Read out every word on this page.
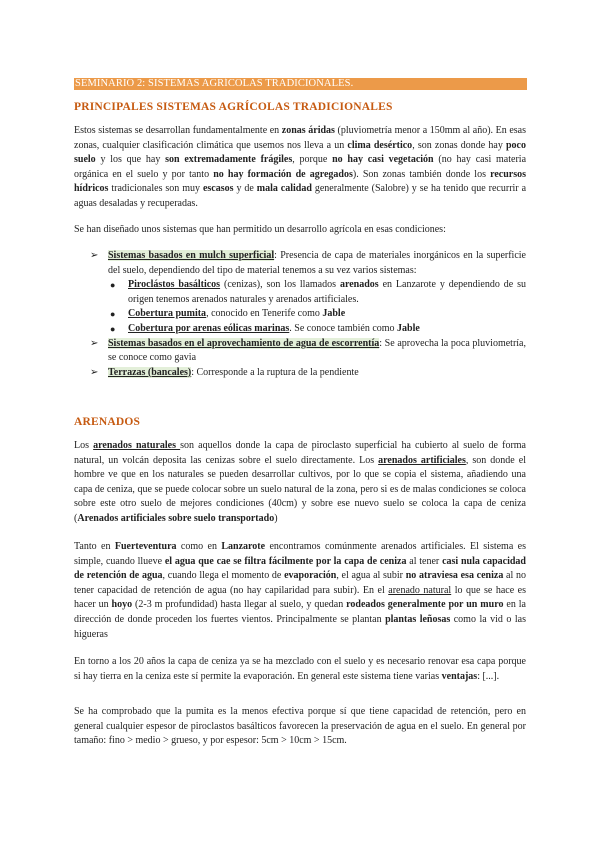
SEMINARIO 2: SISTEMAS AGRÍCOLAS TRADICIONALES.
PRINCIPALES SISTEMAS AGRÍCOLAS TRADICIONALES
Estos sistemas se desarrollan fundamentalmente en zonas áridas (pluviometría menor a 150mm al año). En esas zonas, cualquier clasificación climática que usemos nos lleva a un clima desértico, son zonas donde hay poco suelo y los que hay son extremadamente frágiles, porque no hay casi vegetación (no hay casi materia orgánica en el suelo y por tanto no hay formación de agregados). Son zonas también donde los recursos hídricos tradicionales son muy escasos y de mala calidad generalmente (Salobre) y se ha tenido que recurrir a aguas desaladas y recuperadas.
Se han diseñado unos sistemas que han permitido un desarrollo agrícola en esas condiciones:
➢ Sistemas basados en mulch superficial: Presencia de capa de materiales inorgánicos en la superficie del suelo, dependiendo del tipo de material tenemos a su vez varios sistemas:
● Piroclástos basálticos (cenizas), son los llamados arenados en Lanzarote y dependiendo de su origen tenemos arenados naturales y arenados artificiales.
● Cobertura pumita, conocido en Tenerife como Jable
● Cobertura por arenas eólicas marinas. Se conoce también como Jable
➢ Sistemas basados en el aprovechamiento de agua de escorrentía: Se aprovecha la poca pluviometría, se conoce como gavia
➢ Terrazas (bancales): Corresponde a la ruptura de la pendiente
ARENADOS
Los arenados naturales son aquellos donde la capa de piroclasto superficial ha cubierto al suelo de forma natural, un volcán deposita las cenizas sobre el suelo directamente. Los arenados artificiales, son donde el hombre ve que en los naturales se pueden desarrollar cultivos, por lo que se copia el sistema, añadiendo una capa de ceniza, que se puede colocar sobre un suelo natural de la zona, pero si es de malas condiciones se coloca sobre este otro suelo de mejores condiciones (40cm) y sobre ese nuevo suelo se coloca la capa de ceniza (Arenados artificiales sobre suelo transportado)
Tanto en Fuerteventura como en Lanzarote encontramos comúnmente arenados artificiales. El sistema es simple, cuando llueve el agua que cae se filtra fácilmente por la capa de ceniza al tener casi nula capacidad de retención de agua, cuando llega el momento de evaporación, el agua al subir no atraviesa esa ceniza al no tener capacidad de retención de agua (no hay capilaridad para subir). En el arenado natural lo que se hace es hacer un hoyo (2-3 m profundidad) hasta llegar al suelo, y quedan rodeados generalmente por un muro en la dirección de donde proceden los fuertes vientos. Principalmente se plantan plantas leñosas como la vid o las higueras
En torno a los 20 años la capa de ceniza ya se ha mezclado con el suelo y es necesario renovar esa capa porque si hay tierra en la ceniza este sí permite la evaporación. En general este sistema tiene varias ventajas: [...].
Se ha comprobado que la pumita es la menos efectiva porque sí que tiene capacidad de retención, pero en general cualquier espesor de piroclastos basálticos favorecen la preservación de agua en el suelo. En general por tamaño: fino > medio > grueso, y por espesor: 5cm > 10cm > 15cm.
